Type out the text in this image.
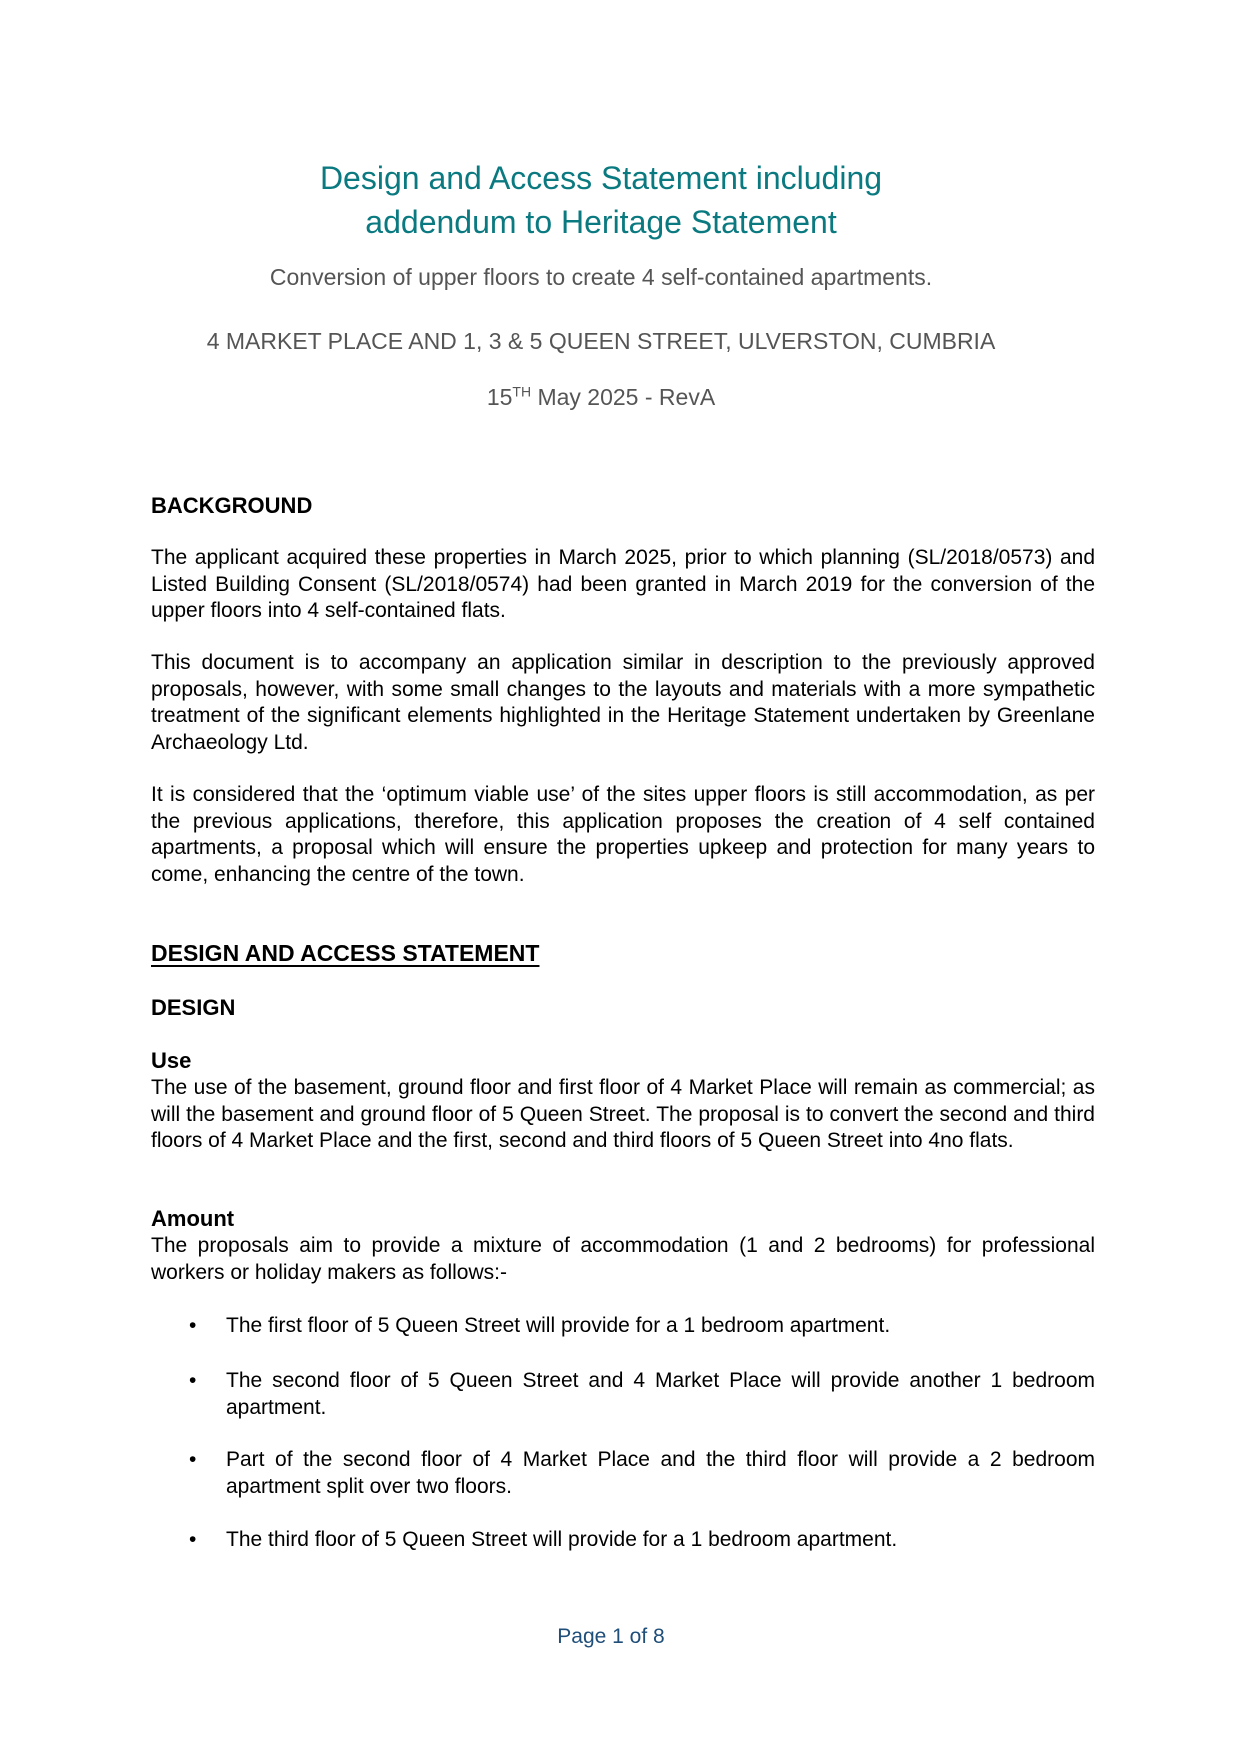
Design and Access Statement including
addendum to Heritage Statement
Conversion of upper floors to create 4 self-contained apartments.
4 MARKET PLACE AND 1, 3 & 5 QUEEN STREET, ULVERSTON, CUMBRIA
15TH May 2025 - RevA
BACKGROUND

The applicant acquired these properties in March 2025, prior to which planning (SL/2018/0573) and Listed Building Consent (SL/2018/0574) had been granted in March 2019 for the conversion of the upper floors into 4 self-contained flats.

This document is to accompany an application similar in description to the previously approved proposals, however, with some small changes to the layouts and materials with a more sympathetic treatment of the significant elements highlighted in the Heritage Statement undertaken by Greenlane Archaeology Ltd.

It is considered that the ‘optimum viable use’ of the sites upper floors is still accommodation, as per the previous applications, therefore, this application proposes the creation of 4 self contained apartments, a proposal which will ensure the properties upkeep and protection for many years to come, enhancing the centre of the town.

DESIGN AND ACCESS STATEMENT
DESIGN
Use

The use of the basement, ground floor and first floor of 4 Market Place will remain as commercial; as will the basement and ground floor of 5 Queen Street. The proposal is to convert the second and third floors of 4 Market Place and the first, second and third floors of 5 Queen Street into 4no flats.

Amount

The proposals aim to provide a mixture of accommodation (1 and 2 bedrooms) for professional workers or holiday makers as follows:-

• The first floor of 5 Queen Street will provide for a 1 bedroom apartment.
• The second floor of 5 Queen Street and 4 Market Place will provide another 1 bedroom apartment.
• Part of the second floor of 4 Market Place and the third floor will provide a 2 bedroom apartment split over two floors.
• The third floor of 5 Queen Street will provide for a 1 bedroom apartment.
Page 1 of 8
